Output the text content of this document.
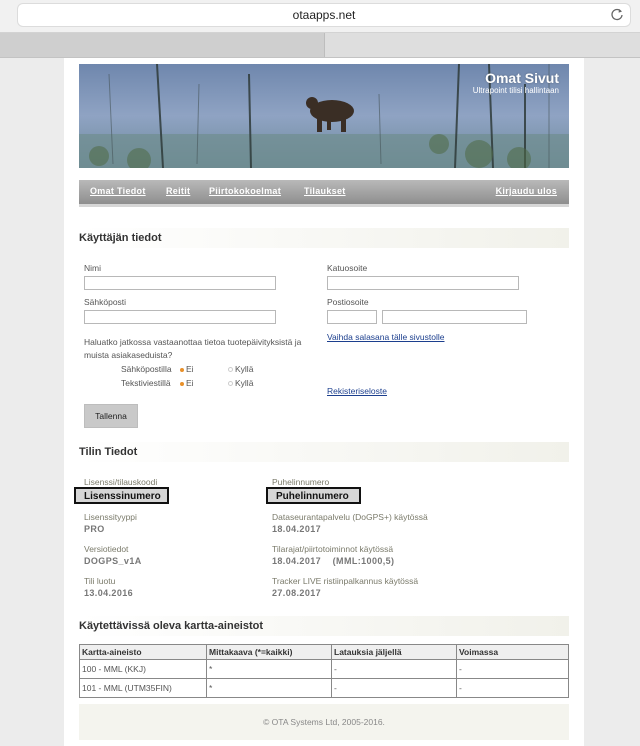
otaapps.net
Omat Sivut
Ultrapoint tilisi hallintaan
Omat Tiedot Reitit Piirtokokoelmat	Tilaukset	Kirjaudu ulos
Käyttäjän tiedot
Nimi
Sähköposti
Katuosoite
Postiosoite
Haluatko jatkossa vastaanottaa tietoa tuotepäivityksistä ja
muista asiakaseduista?
Sähköpostilla	Ei	Kyllä
Tekstiviestillä	Ei	Kyllä
Vaihda salasana tälle sivustolle
Rekisteriseloste
Tallenna
Tilin Tiedot
Lisenssi/tilauskoodi
Lisenssinumero
Puhelinnumero
Puhelinnumero
Lisenssityyppi
PRO
Dataseurantapalvelu (DoGPS+) käytössä
18.04.2017
Versiotiedot
DOGPS_v1A
Tilarajat/piirtotoiminnot käytössä
18.04.2017    (MML:1000,5)
Tili luotu
13.04.2016
Tracker LIVE ristiinpalkannus käytössä
27.08.2017
Käytettävissä oleva kartta-aineistot
Kartta-aineisto	Mittakaava (*=kaikki)	Latauksia jäljellä	Voimassa
100 - MML (KKJ)	*	-	-
101 - MML (UTM35FIN)	*	-	-
© OTA Systems Ltd, 2005-2016.
